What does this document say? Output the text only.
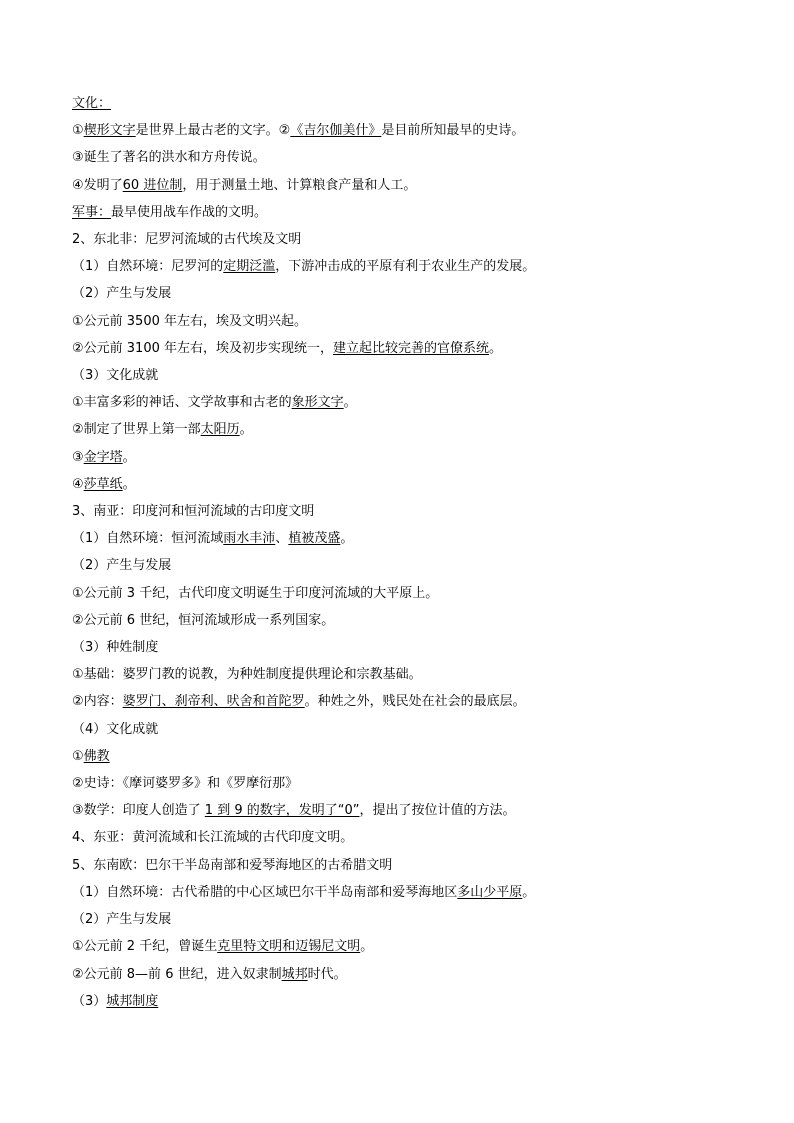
文化：
①楔形文字是世界上最古老的文字。②《吉尔伽美什》是目前所知最早的史诗。
③诞生了著名的洪水和方舟传说。
④发明了60 进位制，用于测量土地、计算粮食产量和人工。
军事：最早使用战车作战的文明。
2、东北非：尼罗河流域的古代埃及文明
（1）自然环境：尼罗河的定期泛滥，下游冲击成的平原有利于农业生产的发展。
（2）产生与发展
①公元前 3500 年左右，埃及文明兴起。
②公元前 3100 年左右，埃及初步实现统一，建立起比较完善的官僚系统。
（3）文化成就
①丰富多彩的神话、文学故事和古老的象形文字。
②制定了世界上第一部太阳历。
③金字塔。
④莎草纸。
3、南亚：印度河和恒河流域的古印度文明
（1）自然环境：恒河流域雨水丰沛、植被茂盛。
（2）产生与发展
①公元前 3 千纪，古代印度文明诞生于印度河流域的大平原上。
②公元前 6 世纪，恒河流域形成一系列国家。
（3）种姓制度
①基础：婆罗门教的说教，为种姓制度提供理论和宗教基础。
②内容：婆罗门、刹帝利、吠舍和首陀罗。种姓之外，贱民处在社会的最底层。
（4）文化成就
①佛教
②史诗：《摩诃婆罗多》和《罗摩衍那》
③数学：印度人创造了 1 到 9 的数字，发明了“0”，提出了按位计值的方法。
4、东亚：黄河流域和长江流域的古代印度文明。
5、东南欧：巴尔干半岛南部和爱琴海地区的古希腊文明
（1）自然环境：古代希腊的中心区域巴尔干半岛南部和爱琴海地区多山少平原。
（2）产生与发展
①公元前 2 千纪，曾诞生克里特文明和迈锡尼文明。
②公元前 8—前 6 世纪，进入奴隶制城邦时代。
（3）城邦制度
